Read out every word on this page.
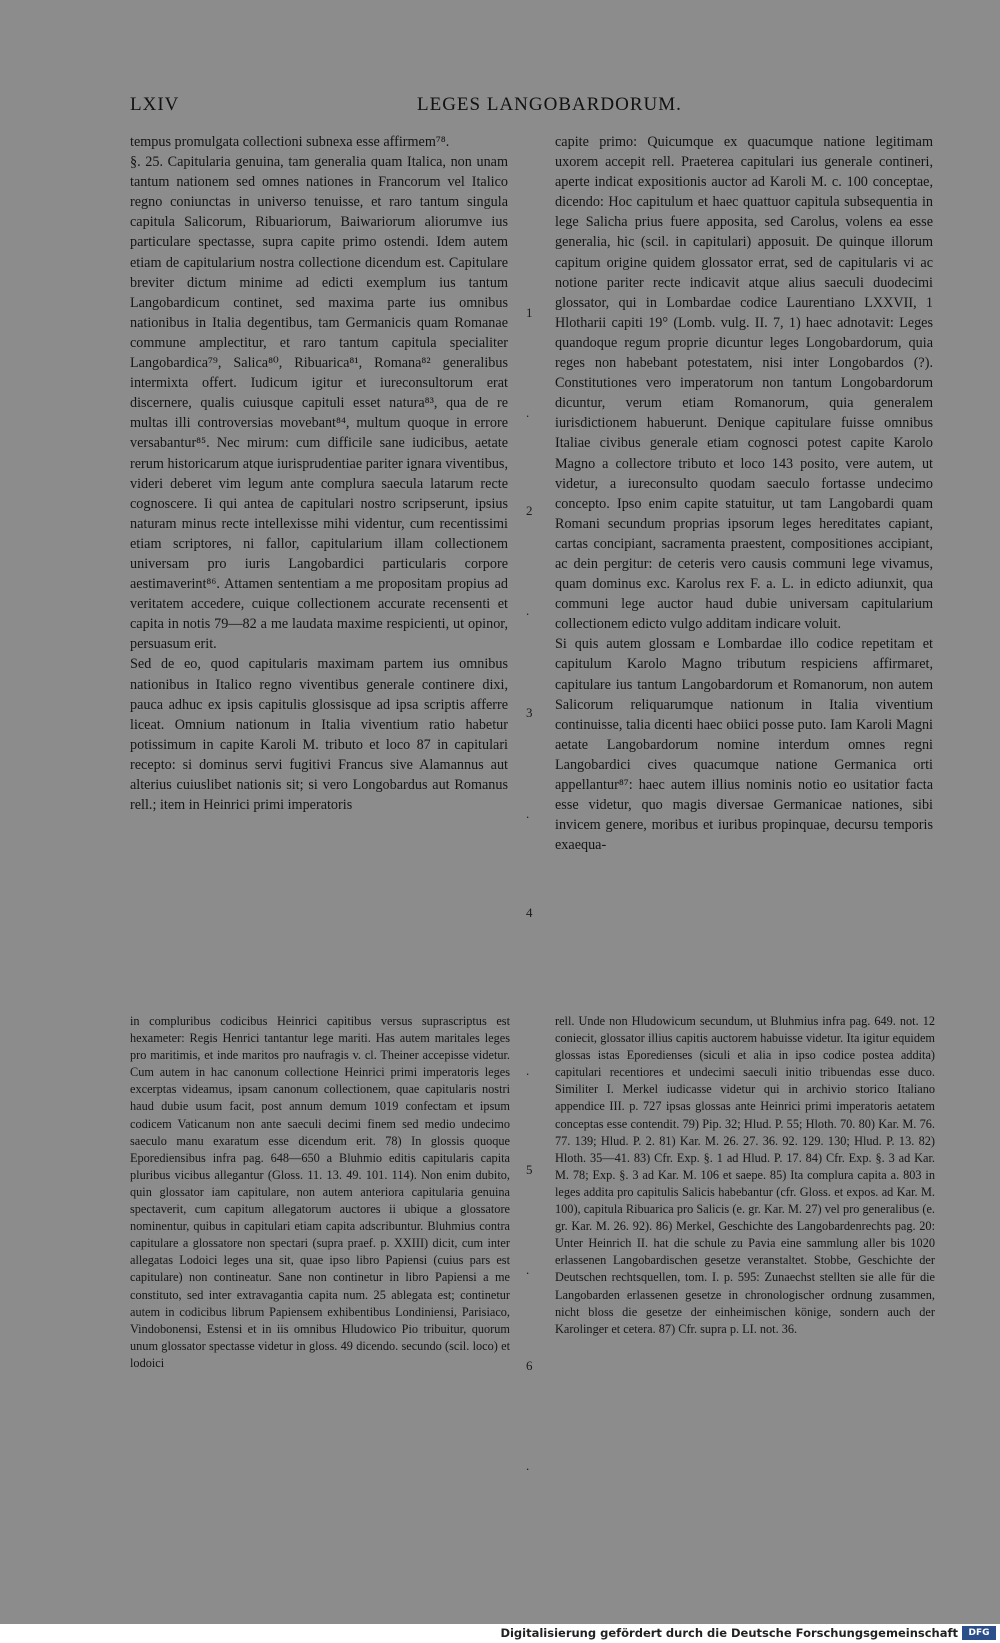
LXIV	LEGES LANGOBARDORUM.

tempus promulgata collectioni subnexa esse affirmem⁷⁸.
§. 25. Capitularia genuina, tam generalia quam Italica, non unam tantum nationem sed omnes nationes in Francorum vel Italico regno coniunctas in universo tenuisse, et raro tantum singula capitula Salicorum, Ribuariorum, Baiwariorum aliorumve ius particulare spectasse, supra capite primo ostendi. Idem autem etiam de capitularium nostra collectione dicendum est. Capitulare breviter dictum minime ad edicti exemplum ius tantum Langobardicum continet, sed maxima parte ius omnibus nationibus in Italia degentibus, tam Germanicis quam Romanae commune amplectitur, et raro tantum capitula specialiter Langobardica⁷⁹, Salica⁸⁰, Ribuarica⁸¹, Romana⁸² generalibus intermixta offert. Iudicum igitur et iureconsultorum erat discernere, qualis cuiusque capituli esset natura⁸³, qua de re multas illi controversias movebant⁸⁴, multum quoque in errore versabantur⁸⁵. Nec mirum: cum difficile sane iudicibus, aetate rerum historicarum atque iurisprudentiae pariter ignara viventibus, videri deberet vim legum ante complura saecula latarum recte cognoscere. Ii qui antea de capitulari nostro scripserunt, ipsius naturam minus recte intellexisse mihi videntur, cum recentissimi etiam scriptores, ni fallor, capitularium illam collectionem universam pro iuris Langobardici particularis corpore aestimaverint⁸⁶. Attamen sententiam a me propositam propius ad veritatem accedere, cuique collectionem accurate recensenti et capita in notis 79—82 a me laudata maxime respicienti, ut opinor, persuasum erit.
Sed de eo, quod capitularis maximam partem ius omnibus nationibus in Italico regno viventibus generale continere dixi, pauca adhuc ex ipsis capitulis glossisque ad ipsa scriptis afferre liceat. Omnium nationum in Italia viventium ratio habetur potissimum in capite Karoli M. tributo et loco 87 in capitulari recepto: si dominus servi fugitivi Francus sive Alamannus aut alterius cuiuslibet nationis sit; si vero Longobardus aut Romanus rell.; item in Heinrici primi imperatoris

capite primo: Quicumque ex quacumque natione legitimam uxorem accepit rell. Praeterea capitulari ius generale contineri, aperte indicat expositionis auctor ad Karoli M. c. 100 conceptae, dicendo: Hoc capitulum et haec quattuor capitula subsequentia in lege Salicha prius fuere apposita, sed Carolus, volens ea esse generalia, hic (scil. in capitulari) apposuit. De quinque illorum capitum origine quidem glossator errat, sed de capitularis vi ac notione pariter recte indicavit atque alius saeculi duodecimi glossator, qui in Lombardae codice Laurentiano LXXVII, 1 Hlotharii capiti 19° (Lomb. vulg. II. 7, 1) haec adnotavit: Leges quandoque regum proprie dicuntur leges Longobardorum, quia reges non habebant potestatem, nisi inter Longobardos (?). Constitutiones vero imperatorum non tantum Longobardorum dicuntur, verum etiam Romanorum, quia generalem iurisdictionem habuerunt. Denique capitulare fuisse omnibus Italiae civibus generale etiam cognosci potest capite Karolo Magno a collectore tributo et loco 143 posito, vere autem, ut videtur, a iureconsulto quodam saeculo fortasse undecimo concepto. Ipso enim capite statuitur, ut tam Langobardi quam Romani secundum proprias ipsorum leges hereditates capiant, cartas concipiant, sacramenta praestent, compositiones accipiant, ac dein pergitur: de ceteris vero causis communi lege vivamus, quam dominus exc. Karolus rex F. a. L. in edicto adiunxit, qua communi lege auctor haud dubie universam capitularium collectionem edicto vulgo additam indicare voluit.
Si quis autem glossam e Lombardae illo codice repetitam et capitulum Karolo Magno tributum respiciens affirmaret, capitulare ius tantum Langobardorum et Romanorum, non autem Salicorum reliquarumque nationum in Italia viventium continuisse, talia dicenti haec obiici posse puto. Iam Karoli Magni aetate Langobardorum nomine interdum omnes regni Langobardici cives quacumque natione Germanica orti appellantur⁸⁷: haec autem illius nominis notio eo usitatior facta esse videtur, quo magis diversae Germanicae nationes, sibi invicem genere, moribus et iuribus propinquae, decursu temporis exaequa-

1
.
2
.
3
.
4
.
5
.
6
.

in compluribus codicibus Heinrici capitibus versus suprascriptus est hexameter: Regis Henrici tantantur lege mariti. Has autem maritales leges pro maritimis, et inde maritos pro naufragis v. cl. Theiner accepisse videtur. Cum autem in hac canonum collectione Heinrici primi imperatoris leges excerptas videamus, ipsam canonum collectionem, quae capitularis nostri haud dubie usum facit, post annum demum 1019 confectam et ipsum codicem Vaticanum non ante saeculi decimi finem sed medio undecimo saeculo manu exaratum esse dicendum erit. 78) In glossis quoque Eporediensibus infra pag. 648—650 a Bluhmio editis capitularis capita pluribus vicibus allegantur (Gloss. 11. 13. 49. 101. 114). Non enim dubito, quin glossator iam capitulare, non autem anteriora capitularia genuina spectaverit, cum capitum allegatorum auctores ii ubique a glossatore nominentur, quibus in capitulari etiam capita adscribuntur. Bluhmius contra capitulare a glossatore non spectari (supra praef. p. XXIII) dicit, cum inter allegatas Lodoici leges una sit, quae ipso libro Papiensi (cuius pars est capitulare) non contineatur. Sane non continetur in libro Papiensi a me constituto, sed inter extravagantia capita num. 25 ablegata est; continetur autem in codicibus librum Papiensem exhibentibus Londiniensi, Parisiaco, Vindobonensi, Estensi et in iis omnibus Hludowico Pio tribuitur, quorum unum glossator spectasse videtur in gloss. 49 dicendo. secundo (scil. loco) et lodoici

rell. Unde non Hludowicum secundum, ut Bluhmius infra pag. 649. not. 12 coniecit, glossator illius capitis auctorem habuisse videtur. Ita igitur equidem glossas istas Eporedienses (siculi et alia in ipso codice postea addita) capitulari recentiores et undecimi saeculi initio tribuendas esse duco. Similiter I. Merkel iudicasse videtur qui in archivio storico Italiano appendice III. p. 727 ipsas glossas ante Heinrici primi imperatoris aetatem conceptas esse contendit. 79) Pip. 32; Hlud. P. 55; Hloth. 70. 80) Kar. M. 76. 77. 139; Hlud. P. 2. 81) Kar. M. 26. 27. 36. 92. 129. 130; Hlud. P. 13. 82) Hloth. 35—41. 83) Cfr. Exp. §. 1 ad Hlud. P. 17. 84) Cfr. Exp. §. 3 ad Kar. M. 78; Exp. §. 3 ad Kar. M. 106 et saepe. 85) Ita complura capita a. 803 in leges addita pro capitulis Salicis habebantur (cfr. Gloss. et expos. ad Kar. M. 100), capitula Ribuarica pro Salicis (e. gr. Kar. M. 27) vel pro generalibus (e. gr. Kar. M. 26. 92). 86) Merkel, Geschichte des Langobardenrechts pag. 20: Unter Heinrich II. hat die schule zu Pavia eine sammlung aller bis 1020 erlassenen Langobardischen gesetze veranstaltet. Stobbe, Geschichte der Deutschen rechtsquellen, tom. I. p. 595: Zunaechst stellten sie alle für die Langobarden erlassenen gesetze in chronologischer ordnung zusammen, nicht bloss die gesetze der einheimischen könige, sondern auch der Karolinger et cetera. 87) Cfr. supra p. LI. not. 36.

Digitalisierung gefördert durch die Deutsche Forschungsgemeinschaft	DFG
